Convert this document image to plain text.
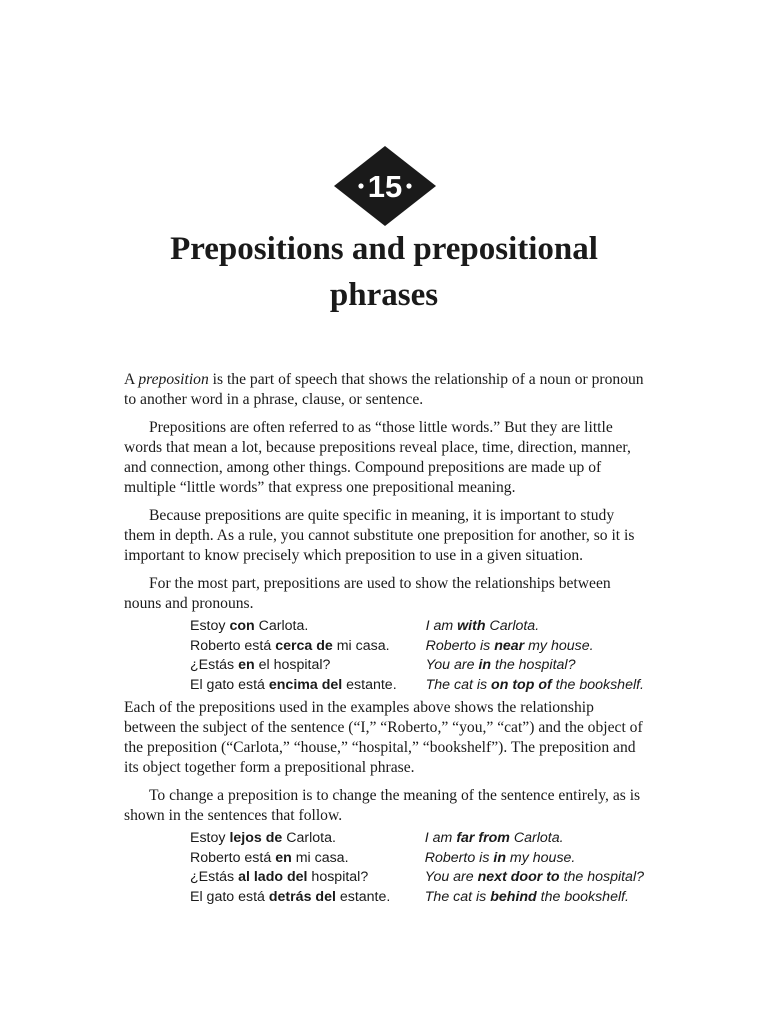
15
Prepositions and prepositional
phrases

A preposition is the part of speech that shows the relationship of a noun or pronoun to another word in a phrase, clause, or sentence.

Prepositions are often referred to as “those little words.” But they are little words that mean a lot, because prepositions reveal place, time, direction, manner, and connection, among other things. Compound prepositions are made up of multiple “little words” that express one prepositional meaning.

Because prepositions are quite specific in meaning, it is important to study them in depth. As a rule, you cannot substitute one preposition for another, so it is important to know precisely which preposition to use in a given situation.

For the most part, prepositions are used to show the relationships between nouns and pronouns.

Estoy con Carlota.	I am with Carlota.
Roberto está cerca de mi casa.	Roberto is near my house.
¿Estás en el hospital?	You are in the hospital?
El gato está encima del estante.	The cat is on top of the bookshelf.

Each of the prepositions used in the examples above shows the relationship between the subject of the sentence (“I,” “Roberto,” “you,” “cat”) and the object of the preposition (“Carlota,” “house,” “hospital,” “bookshelf”). The preposition and its object together form a prepositional phrase.

To change a preposition is to change the meaning of the sentence entirely, as is shown in the sentences that follow.

Estoy lejos de Carlota.	I am far from Carlota.
Roberto está en mi casa.	Roberto is in my house.
¿Estás al lado del hospital?	You are next door to the hospital?
El gato está detrás del estante.	The cat is behind the bookshelf.
